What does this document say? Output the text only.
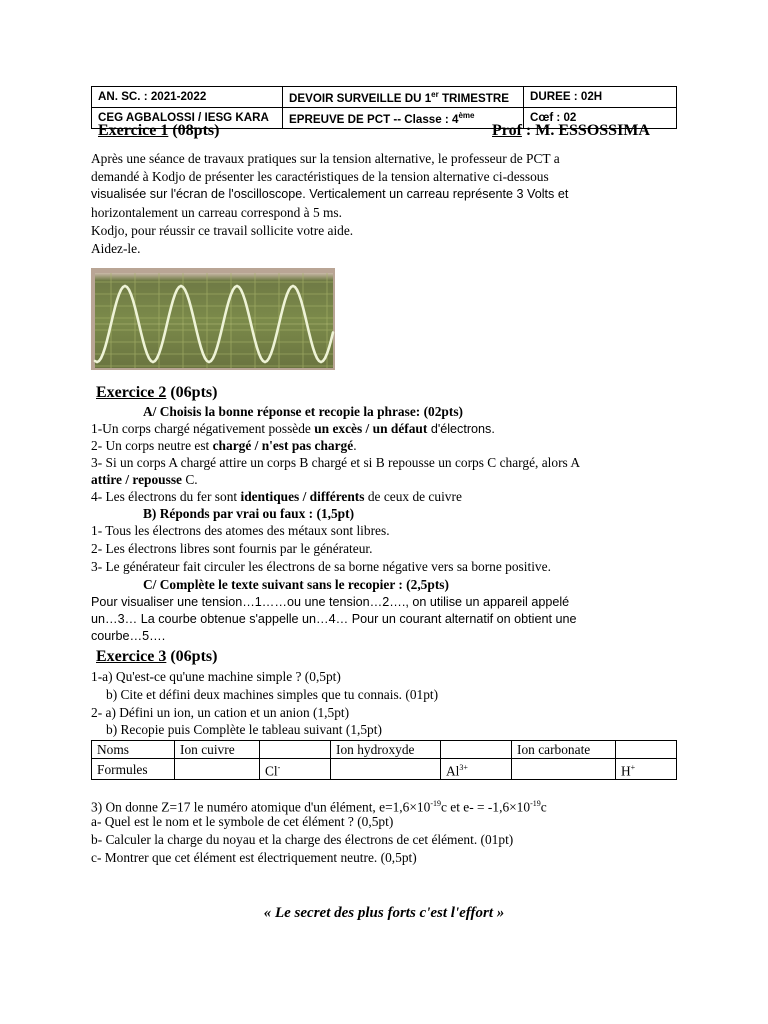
AN. SC. : 2021-2022	DEVOIR SURVEILLE DU 1er TRIMESTRE	DUREE : 02H
CEG AGBALOSSI / IESG KARA	EPREUVE DE PCT -- Classe : 4ème	Cœf : 02
Exercice 1 (08pts)	Prof : M. ESSOSSIMA
Après une séance de travaux pratiques sur la tension alternative, le professeur de PCT a
demandé à Kodjo de présenter les caractéristiques de la tension alternative ci-dessous
visualisée sur l'écran de l'oscilloscope. Verticalement un carreau représente 3 Volts et
horizontalement un carreau correspond à 5 ms.
Kodjo, pour réussir ce travail sollicite votre aide.
Aidez-le.
Exercice 2 (06pts)
A/ Choisis la bonne réponse et recopie la phrase: (02pts)
1-Un corps chargé négativement possède un excès / un défaut d'électrons.
2- Un corps neutre est chargé / n'est pas chargé.
3- Si un corps A chargé attire un corps B chargé et si B repousse un corps C chargé, alors A
attire / repousse C.
4- Les électrons du fer sont identiques / différents de ceux de cuivre
B) Réponds par vrai ou faux : (1,5pt)
1- Tous les électrons des atomes des métaux sont libres.
2- Les électrons libres sont fournis par le générateur.
3- Le générateur fait circuler les électrons de sa borne négative vers sa borne positive.
C/ Complète le texte suivant sans le recopier : (2,5pts)
Pour visualiser une tension…1……ou une tension…2…., on utilise un appareil appelé
un…3… La courbe obtenue s'appelle un…4… Pour un courant alternatif on obtient une
courbe…5….
Exercice 3 (06pts)
1-a) Qu'est-ce qu'une machine simple ? (0,5pt)
b) Cite et défini deux machines simples que tu connais. (01pt)
2- a) Défini un ion, un cation et un anion (1,5pt)
b) Recopie puis Complète le tableau suivant (1,5pt)
Noms	Ion cuivre		Ion hydroxyde		Ion carbonate	
Formules		Cl-		$Al^{3+}$		H+
3) On donne Z=17 le numéro atomique d'un élément, $e=1,6\times 10^{-19}c$ et $e- = -1,6\times 10^{-19}c$
a- Quel est le nom et le symbole de cet élément ? (0,5pt)
b- Calculer la charge du noyau et la charge des électrons de cet élément. (01pt)
c- Montrer que cet élément est électriquement neutre. (0,5pt)
« Le secret des plus forts c'est l'effort »
